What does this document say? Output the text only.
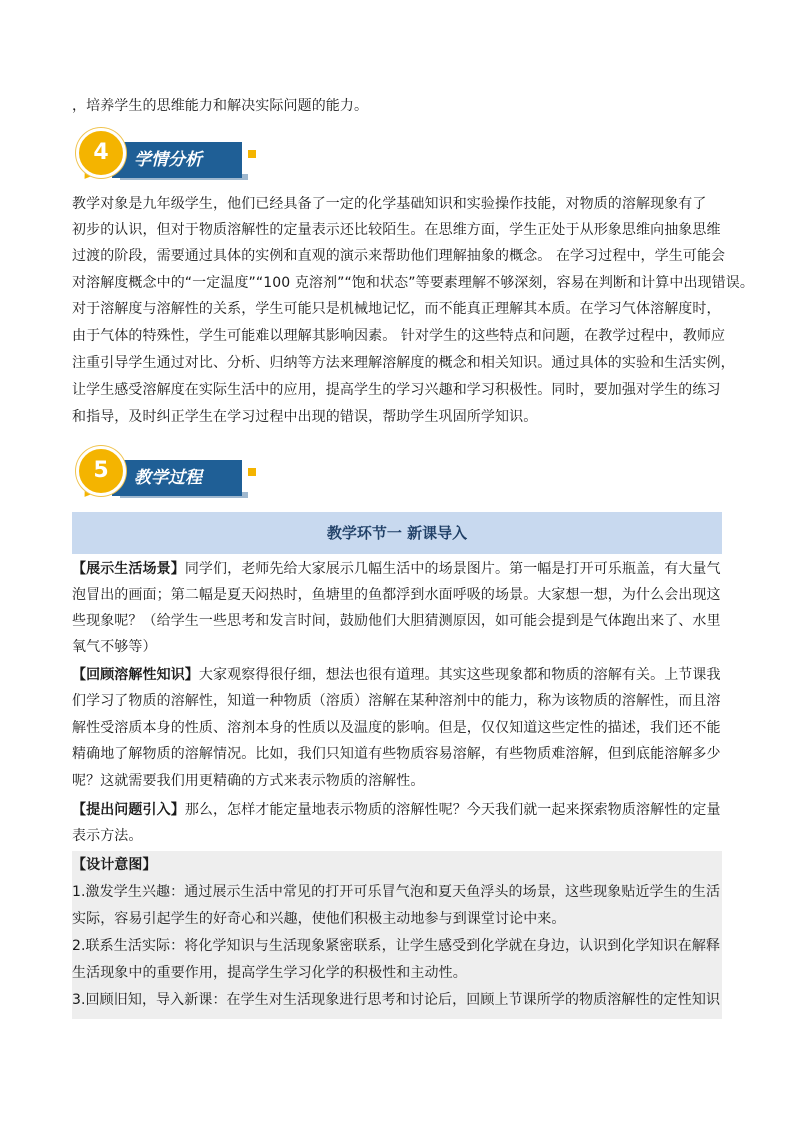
，培养学生的思维能力和解决实际问题的能力。
学情分析
4
教学对象是九年级学生，他们已经具备了一定的化学基础知识和实验操作技能，对物质的溶解现象有了
初步的认识，但对于物质溶解性的定量表示还比较陌生。在思维方面，学生正处于从形象思维向抽象思维
过渡的阶段，需要通过具体的实例和直观的演示来帮助他们理解抽象的概念。 在学习过程中，学生可能会
对溶解度概念中的“一定温度”“100 克溶剂”“饱和状态”等要素理解不够深刻，容易在判断和计算中出现错误。
对于溶解度与溶解性的关系，学生可能只是机械地记忆，而不能真正理解其本质。在学习气体溶解度时，
由于气体的特殊性，学生可能难以理解其影响因素。 针对学生的这些特点和问题，在教学过程中，教师应
注重引导学生通过对比、分析、归纳等方法来理解溶解度的概念和相关知识。通过具体的实验和生活实例，
让学生感受溶解度在实际生活中的应用，提高学生的学习兴趣和学习积极性。同时，要加强对学生的练习
和指导，及时纠正学生在学习过程中出现的错误，帮助学生巩固所学知识。
教学过程
5
教学环节一 新课导入
【展示生活场景】同学们，老师先给大家展示几幅生活中的场景图片。第一幅是打开可乐瓶盖，有大量气
泡冒出的画面；第二幅是夏天闷热时，鱼塘里的鱼都浮到水面呼吸的场景。大家想一想，为什么会出现这
些现象呢？（给学生一些思考和发言时间，鼓励他们大胆猜测原因，如可能会提到是气体跑出来了、水里
氧气不够等）
【回顾溶解性知识】大家观察得很仔细，想法也很有道理。其实这些现象都和物质的溶解有关。上节课我
们学习了物质的溶解性，知道一种物质（溶质）溶解在某种溶剂中的能力，称为该物质的溶解性，而且溶
解性受溶质本身的性质、溶剂本身的性质以及温度的影响。但是，仅仅知道这些定性的描述，我们还不能
精确地了解物质的溶解情况。比如，我们只知道有些物质容易溶解，有些物质难溶解，但到底能溶解多少
呢？这就需要我们用更精确的方式来表示物质的溶解性。
【提出问题引入】那么，怎样才能定量地表示物质的溶解性呢？今天我们就一起来探索物质溶解性的定量
表示方法。
【设计意图】
1.激发学生兴趣：通过展示生活中常见的打开可乐冒气泡和夏天鱼浮头的场景，这些现象贴近学生的生活
实际，容易引起学生的好奇心和兴趣，使他们积极主动地参与到课堂讨论中来。
2.联系生活实际：将化学知识与生活现象紧密联系，让学生感受到化学就在身边，认识到化学知识在解释
生活现象中的重要作用，提高学生学习化学的积极性和主动性。
3.回顾旧知，导入新课：在学生对生活现象进行思考和讨论后，回顾上节课所学的物质溶解性的定性知识
